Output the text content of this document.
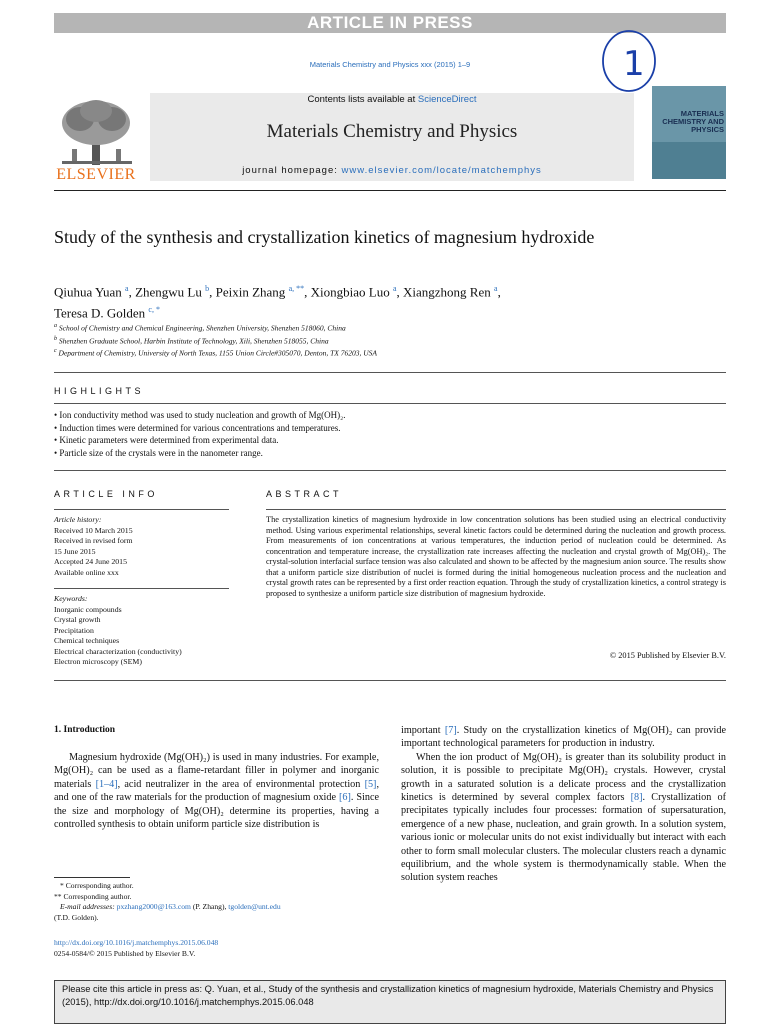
ARTICLE IN PRESS
Materials Chemistry and Physics xxx (2015) 1–9	1
ELSEVIER
Contents lists available at ScienceDirect
Materials Chemistry and Physics
journal homepage: www.elsevier.com/locate/matchemphys
MATERIALS CHEMISTRY AND PHYSICS
Study of the synthesis and crystallization kinetics of magnesium hydroxide
Qiuhua Yuan $^a$, Zhengwu Lu $^b$, Peixin Zhang $^{a, **}$, Xiongbiao Luo $^a$, Xiangzhong Ren $^a$,
Teresa D. Golden $^{c, *}$
$^a$ School of Chemistry and Chemical Engineering, Shenzhen University, Shenzhen 518060, China
$^b$ Shenzhen Graduate School, Harbin Institute of Technology, Xili, Shenzhen 518055, China
$^c$ Department of Chemistry, University of North Texas, 1155 Union Circle#305070, Denton, TX 76203, USA
HIGHLIGHTS
• Ion conductivity method was used to study nucleation and growth of Mg(OH)₂.
• Induction times were determined for various concentrations and temperatures.
• Kinetic parameters were determined from experimental data.
• Particle size of the crystals were in the nanometer range.
ARTICLE INFO	ABSTRACT
Article history:
Received 10 March 2015
Received in revised form
15 June 2015
Accepted 24 June 2015
Available online xxx
Keywords:
Inorganic compounds
Crystal growth
Precipitation
Chemical techniques
Electrical characterization (conductivity)
Electron microscopy (SEM)
The crystallization kinetics of magnesium hydroxide in low concentration solutions has been studied using an electrical conductivity method. Using various experimental relationships, several kinetic factors could be determined during the nucleation and growth process. From measurements of ion concentrations at various temperatures, the induction period of nucleation could be determined. As concentration and temperature increase, the crystallization rate increases affecting the nucleation and crystal growth of Mg(OH)₂. The crystal-solution interfacial surface tension was also calculated and shown to be affected by the magnesium anion source. The results show that a uniform particle size distribution of nuclei is formed during the initial homogeneous nucleation process and the nucleation and crystal growth rates can be represented by a first order reaction equation. Through the study of crystallization kinetics, a control strategy is proposed to synthesize a uniform particle size distribution of magnesium hydroxide.
© 2015 Published by Elsevier B.V.
1. Introduction

Magnesium hydroxide (Mg(OH)₂) is used in many industries. For example, Mg(OH)₂ can be used as a flame-retardant filler in polymer and inorganic materials [1–4], acid neutralizer in the area of environmental protection [5], and one of the raw materials for the production of magnesium oxide [6]. Since the size and morphology of Mg(OH)₂ determine its properties, having a controlled synthesis to obtain uniform particle size distribution is

important [7]. Study on the crystallization kinetics of Mg(OH)₂ can provide important technological parameters for production in industry.

When the ion product of Mg(OH)₂ is greater than its solubility product in solution, it is possible to precipitate Mg(OH)₂ crystals. However, crystal growth in a saturated solution is a delicate process and the crystallization kinetics is determined by several complex factors [8]. Crystallization of precipitates typically includes four processes: formation of supersaturation, emergence of a new phase, nucleation, and grain growth. In a solution system, various ionic or molecular units do not exist individually but interact with each other to form small molecular clusters. The molecular clusters reach a dynamic equilibrium, and the whole system is thermodynamically stable. When the solution system reaches

* Corresponding author.
** Corresponding author.
E-mail addresses: pxzhang2000@163.com (P. Zhang), tgolden@unt.edu
(T.D. Golden).
http://dx.doi.org/10.1016/j.matchemphys.2015.06.048
0254-0584/© 2015 Published by Elsevier B.V.
Please cite this article in press as: Q. Yuan, et al., Study of the synthesis and crystallization kinetics of magnesium hydroxide, Materials Chemistry and Physics (2015), http://dx.doi.org/10.1016/j.matchemphys.2015.06.048
